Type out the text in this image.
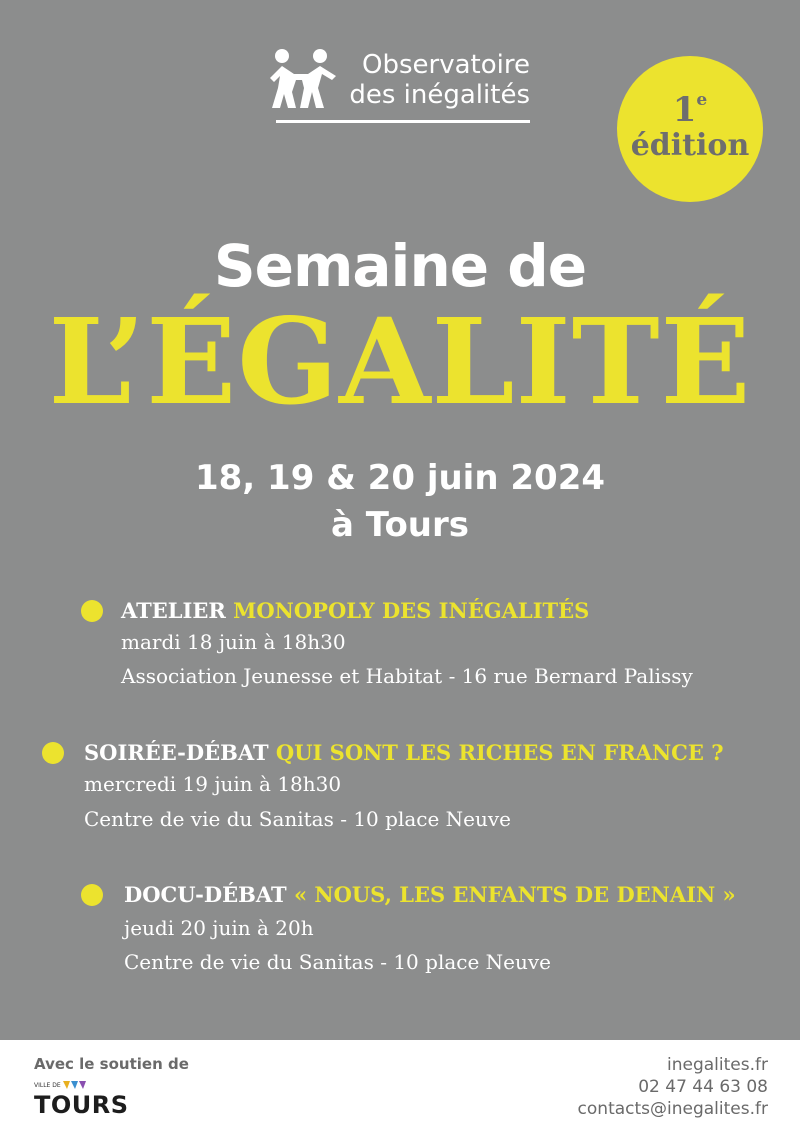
Observatoire
des inégalités	1e
édition
Semaine de
L’ÉGALITÉ
18, 19 & 20 juin 2024
à Tours
ATELIER MONOPOLY DES INÉGALITÉS
mardi 18 juin à 18h30
Association Jeunesse et Habitat - 16 rue Bernard Palissy
SOIRÉE-DÉBAT QUI SONT LES RICHES EN FRANCE ?
mercredi 19 juin à 18h30
Centre de vie du Sanitas - 10 place Neuve
DOCU-DÉBAT « NOUS, LES ENFANTS DE DENAIN »
jeudi 20 juin à 20h
Centre de vie du Sanitas - 10 place Neuve
Avec le soutien de
VILLE DE
TOURS
inegalites.fr
02 47 44 63 08
contacts@inegalites.fr
